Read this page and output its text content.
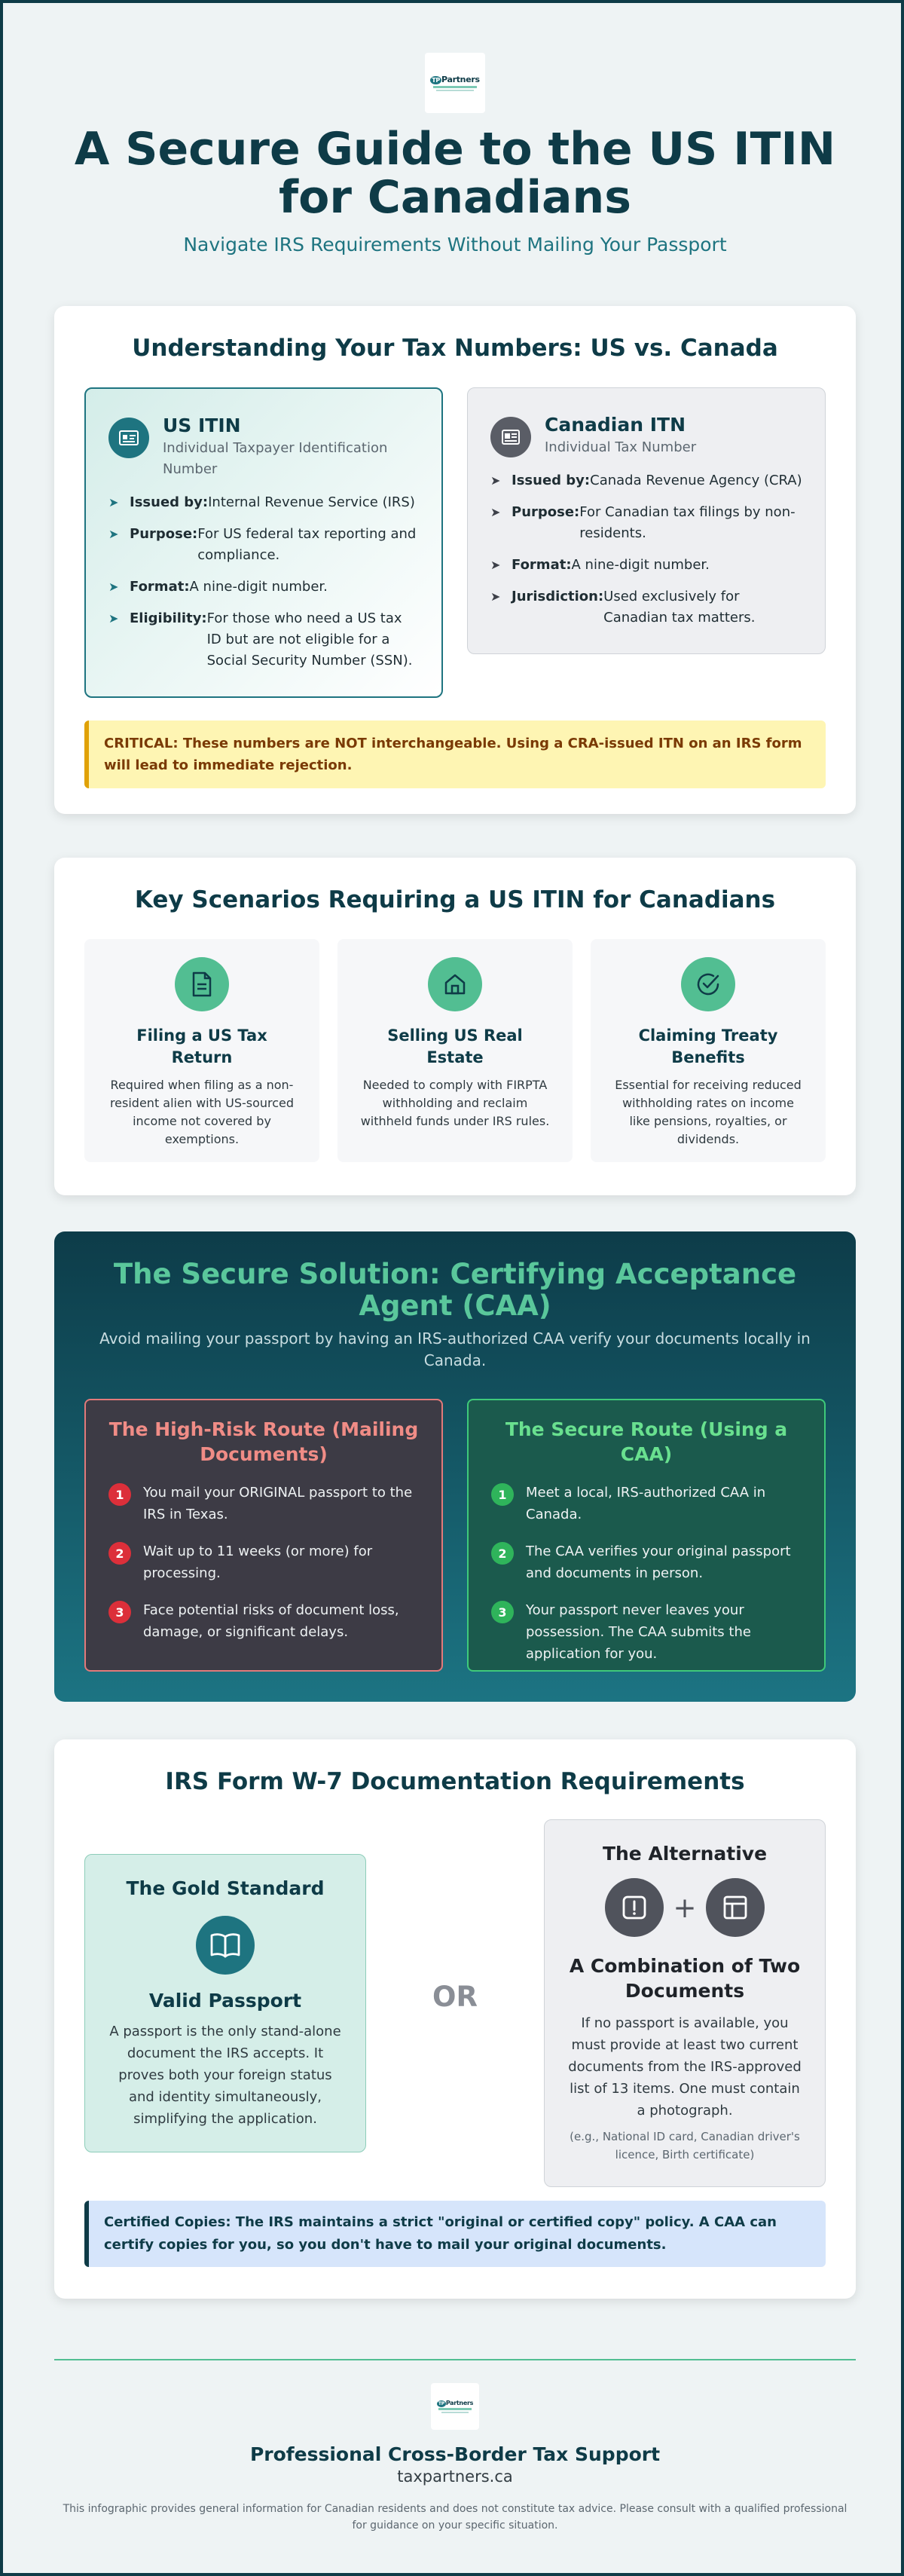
TP Partners
A Secure Guide to the US ITIN for Canadians
Navigate IRS Requirements Without Mailing Your Passport
Understanding Your Tax Numbers: US vs. Canada
US ITIN
Individual Taxpayer Identification Number
➤ Issued by: Internal Revenue Service (IRS)
➤ Purpose: For US federal tax reporting and compliance.
➤ Format: A nine-digit number.
➤ Eligibility: For those who need a US tax ID but are not eligible for a Social Security Number (SSN).
Canadian ITN
Individual Tax Number
➤ Issued by: Canada Revenue Agency (CRA)
➤ Purpose: For Canadian tax filings by non-residents.
➤ Format: A nine-digit number.
➤ Jurisdiction: Used exclusively for Canadian tax matters.
CRITICAL: These numbers are NOT interchangeable. Using a CRA-issued ITN on an IRS form will lead to immediate rejection.
Key Scenarios Requiring a US ITIN for Canadians
Filing a US Tax Return
Required when filing as a non-resident alien with US-sourced income not covered by exemptions.
Selling US Real Estate
Needed to comply with FIRPTA withholding and reclaim withheld funds under IRS rules.
Claiming Treaty Benefits
Essential for receiving reduced withholding rates on income like pensions, royalties, or dividends.
The Secure Solution: Certifying Acceptance Agent (CAA)
Avoid mailing your passport by having an IRS-authorized CAA verify your documents locally in Canada.
The High-Risk Route (Mailing Documents)
1	You mail your ORIGINAL passport to the IRS in Texas.
2	Wait up to 11 weeks (or more) for processing.
3	Face potential risks of document loss, damage, or significant delays.
The Secure Route (Using a CAA)
1	Meet a local, IRS-authorized CAA in Canada.
2	The CAA verifies your original passport and documents in person.
3	Your passport never leaves your possession. The CAA submits the application for you.
IRS Form W-7 Documentation Requirements
The Gold Standard
Valid Passport
A passport is the only stand-alone document the IRS accepts. It proves both your foreign status and identity simultaneously, simplifying the application.
OR
The Alternative
+
A Combination of Two Documents
If no passport is available, you must provide at least two current documents from the IRS-approved list of 13 items. One must contain a photograph.
(e.g., National ID card, Canadian driver's licence, Birth certificate)
Certified Copies: The IRS maintains a strict "original or certified copy" policy. A CAA can certify copies for you, so you don't have to mail your original documents.
TP Partners
Professional Cross-Border Tax Support
taxpartners.ca
This infographic provides general information for Canadian residents and does not constitute tax advice. Please consult with a qualified professional for guidance on your specific situation.
